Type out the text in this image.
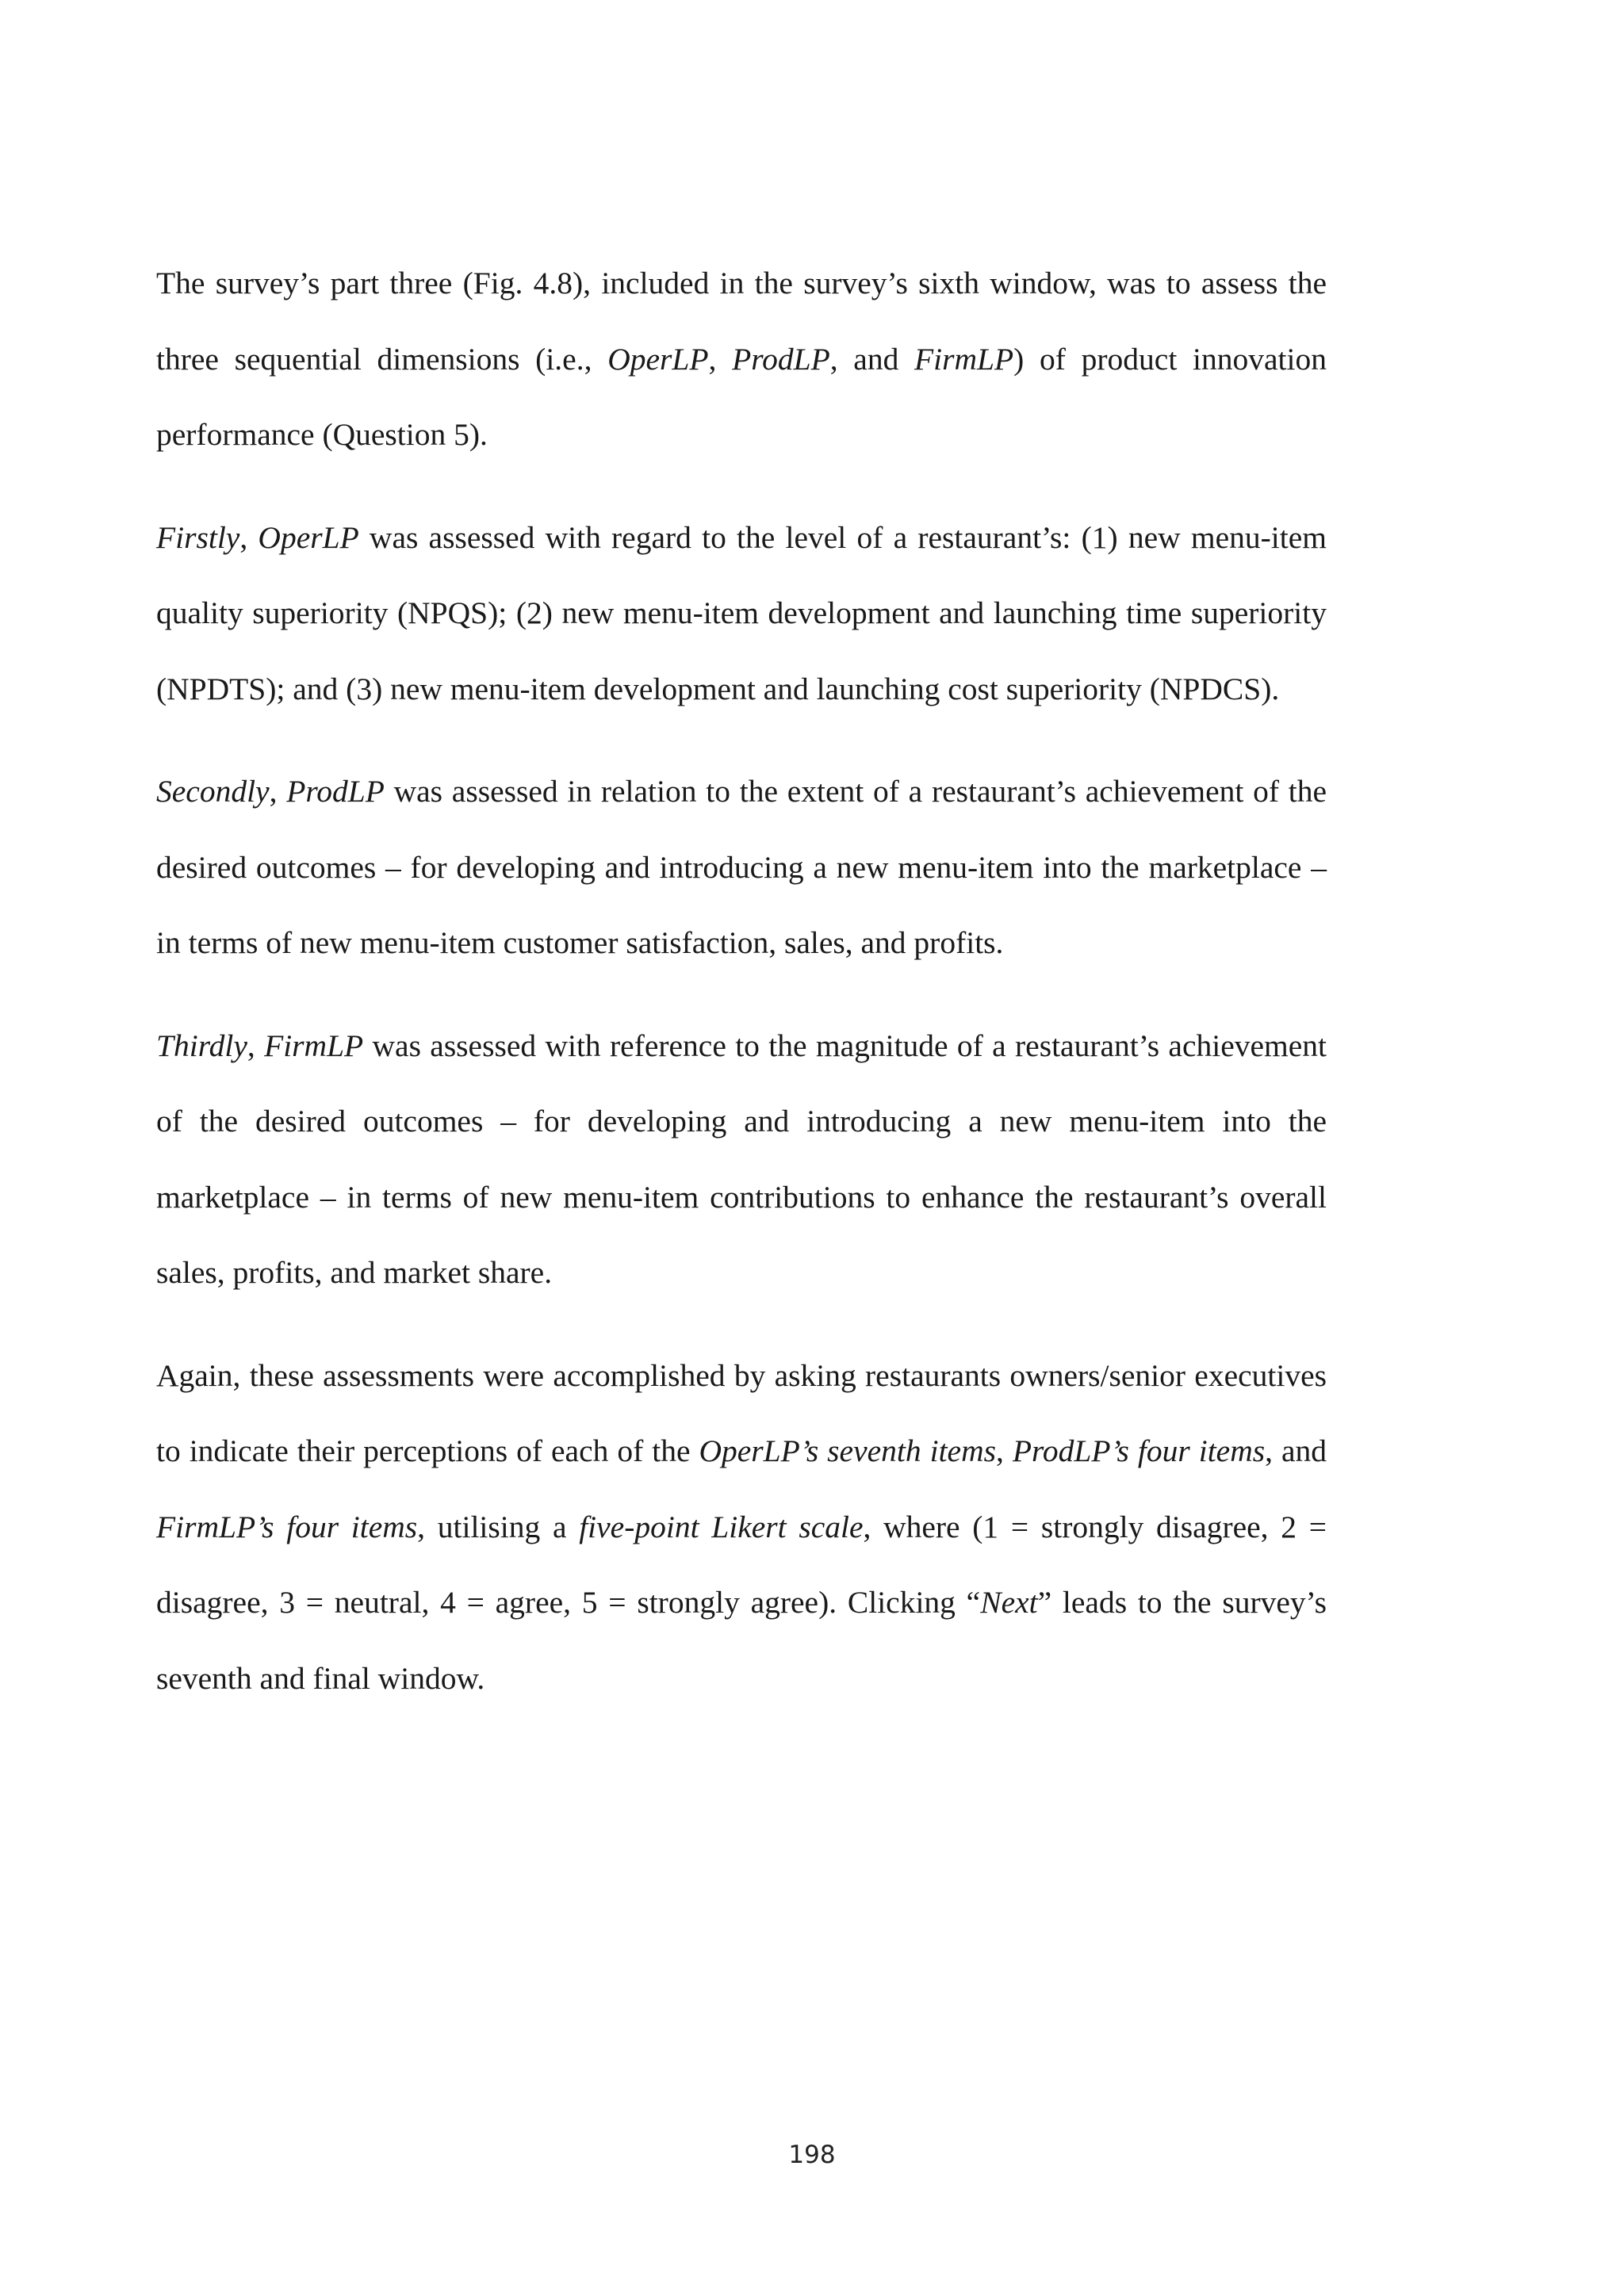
The survey’s part three (Fig. 4.8), included in the survey’s sixth window, was to assess the three sequential dimensions (i.e., OperLP, ProdLP, and FirmLP) of product innovation performance (Question 5).

Firstly, OperLP was assessed with regard to the level of a restaurant’s: (1) new menu-item quality superiority (NPQS); (2) new menu-item development and launching time superiority (NPDTS); and (3) new menu-item development and launching cost superiority (NPDCS).

Secondly, ProdLP was assessed in relation to the extent of a restaurant’s achievement of the desired outcomes – for developing and introducing a new menu-item into the marketplace – in terms of new menu-item customer satisfaction, sales, and profits.

Thirdly, FirmLP was assessed with reference to the magnitude of a restaurant’s achievement of the desired outcomes – for developing and introducing a new menu-item into the marketplace – in terms of new menu-item contributions to enhance the restaurant’s overall sales, profits, and market share.

Again, these assessments were accomplished by asking restaurants owners/senior executives to indicate their perceptions of each of the OperLP’s seventh items, ProdLP’s four items, and FirmLP’s four items, utilising a five-point Likert scale, where (1 = strongly disagree, 2 = disagree, 3 = neutral, 4 = agree, 5 = strongly agree). Clicking “Next” leads to the survey’s seventh and final window.

198
